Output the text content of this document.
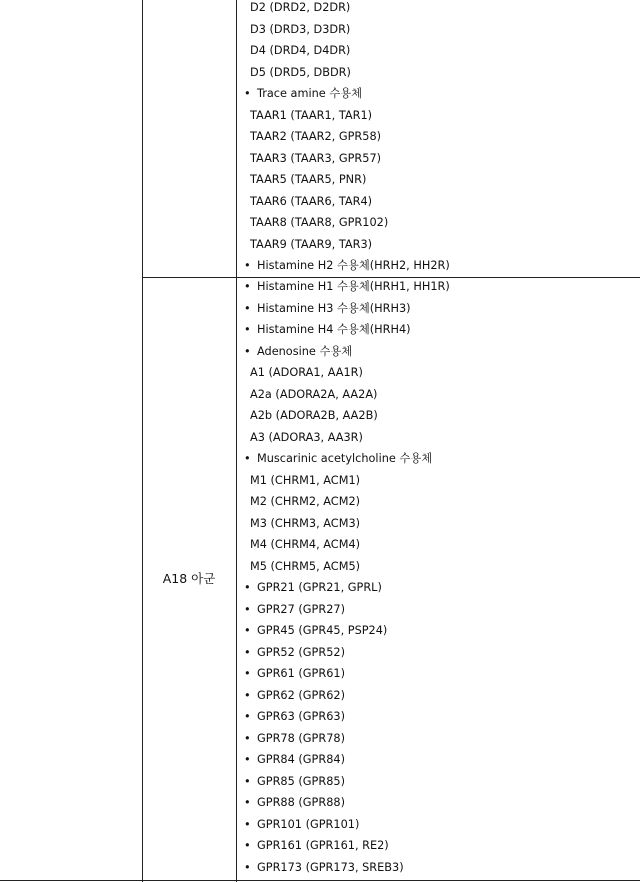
A18 아군
D2 (DRD2, D2DR)
D3 (DRD3, D3DR)
D4 (DRD4, D4DR)
D5 (DRD5, DBDR)
• Trace amine 수용체
TAAR1 (TAAR1, TAR1)
TAAR2 (TAAR2, GPR58)
TAAR3 (TAAR3, GPR57)
TAAR5 (TAAR5, PNR)
TAAR6 (TAAR6, TAR4)
TAAR8 (TAAR8, GPR102)
TAAR9 (TAAR9, TAR3)
• Histamine H2 수용체(HRH2, HH2R)
• Histamine H1 수용체(HRH1, HH1R)
• Histamine H3 수용체(HRH3)
• Histamine H4 수용체(HRH4)
• Adenosine 수용체
A1 (ADORA1, AA1R)
A2a (ADORA2A, AA2A)
A2b (ADORA2B, AA2B)
A3 (ADORA3, AA3R)
• Muscarinic acetylcholine 수용체
M1 (CHRM1, ACM1)
M2 (CHRM2, ACM2)
M3 (CHRM3, ACM3)
M4 (CHRM4, ACM4)
M5 (CHRM5, ACM5)
• GPR21 (GPR21, GPRL)
• GPR27 (GPR27)
• GPR45 (GPR45, PSP24)
• GPR52 (GPR52)
• GPR61 (GPR61)
• GPR62 (GPR62)
• GPR63 (GPR63)
• GPR78 (GPR78)
• GPR84 (GPR84)
• GPR85 (GPR85)
• GPR88 (GPR88)
• GPR101 (GPR101)
• GPR161 (GPR161, RE2)
• GPR173 (GPR173, SREB3)
